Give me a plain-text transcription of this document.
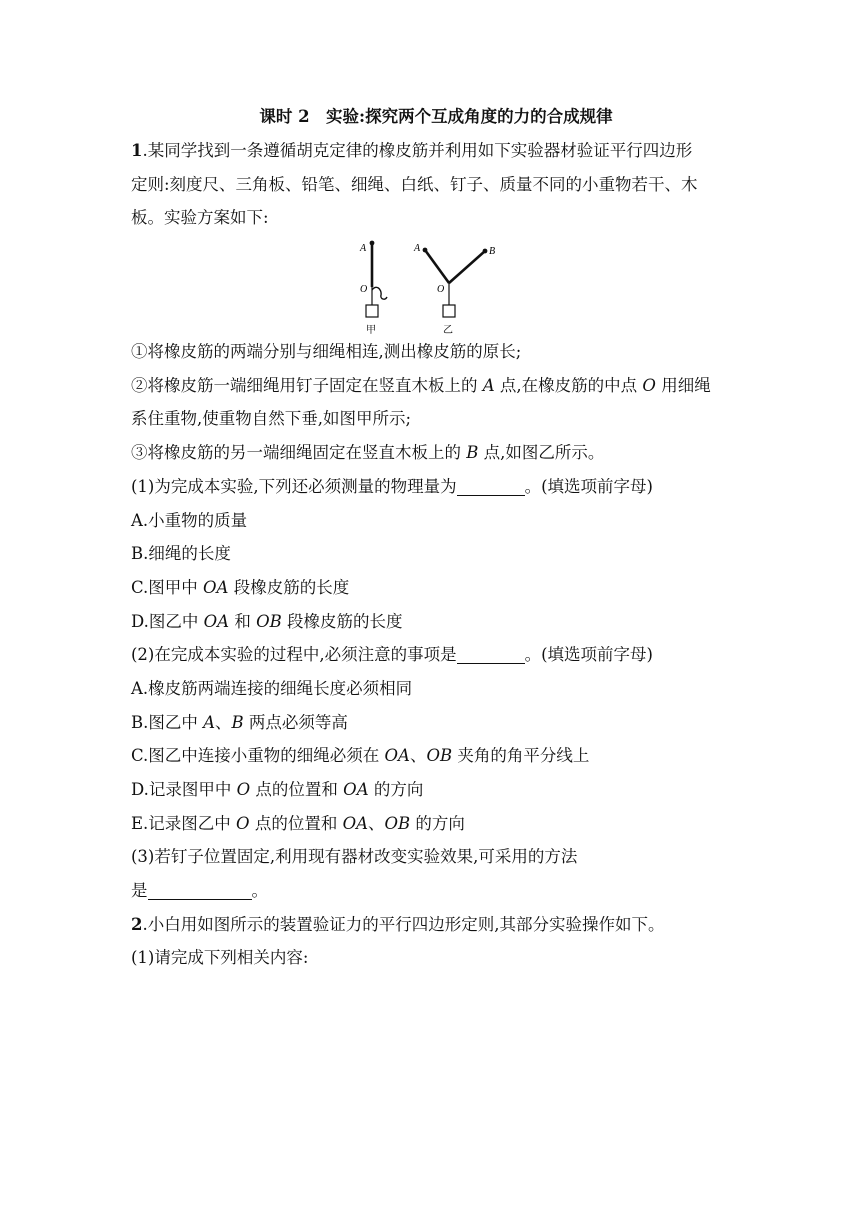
课时 2　实验:探究两个互成角度的力的合成规律
1.某同学找到一条遵循胡克定律的橡皮筋并利用如下实验器材验证平行四边形
定则:刻度尺、三角板、铅笔、细绳、白纸、钉子、质量不同的小重物若干、木
板。实验方案如下:
A
O
甲
A	B
O
乙
①将橡皮筋的两端分别与细绳相连,测出橡皮筋的原长;
②将橡皮筋一端细绳用钉子固定在竖直木板上的 A 点,在橡皮筋的中点 O 用细绳
系住重物,使重物自然下垂,如图甲所示;
③将橡皮筋的另一端细绳固定在竖直木板上的 B 点,如图乙所示。
(1)为完成本实验,下列还必须测量的物理量为	。(填选项前字母)
A.小重物的质量
B.细绳的长度
C.图甲中 OA 段橡皮筋的长度
D.图乙中 OA 和 OB 段橡皮筋的长度
(2)在完成本实验的过程中,必须注意的事项是	。(填选项前字母)
A.橡皮筋两端连接的细绳长度必须相同
B.图乙中 A、B 两点必须等高
C.图乙中连接小重物的细绳必须在 OA、OB 夹角的角平分线上
D.记录图甲中 O 点的位置和 OA 的方向
E.记录图乙中 O 点的位置和 OA、OB 的方向
(3)若钉子位置固定,利用现有器材改变实验效果,可采用的方法
是	。
2.小白用如图所示的装置验证力的平行四边形定则,其部分实验操作如下。
(1)请完成下列相关内容:
